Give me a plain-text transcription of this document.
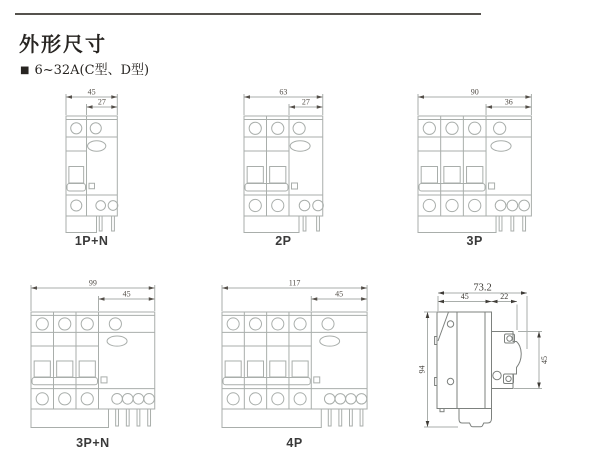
外形尺寸
■ 6~32A(C型、D型)
45
27
63
27
90
36
99
45
117
45
73.2
45	22
94
45
1P+N	2P	3P
3P+N	4P
